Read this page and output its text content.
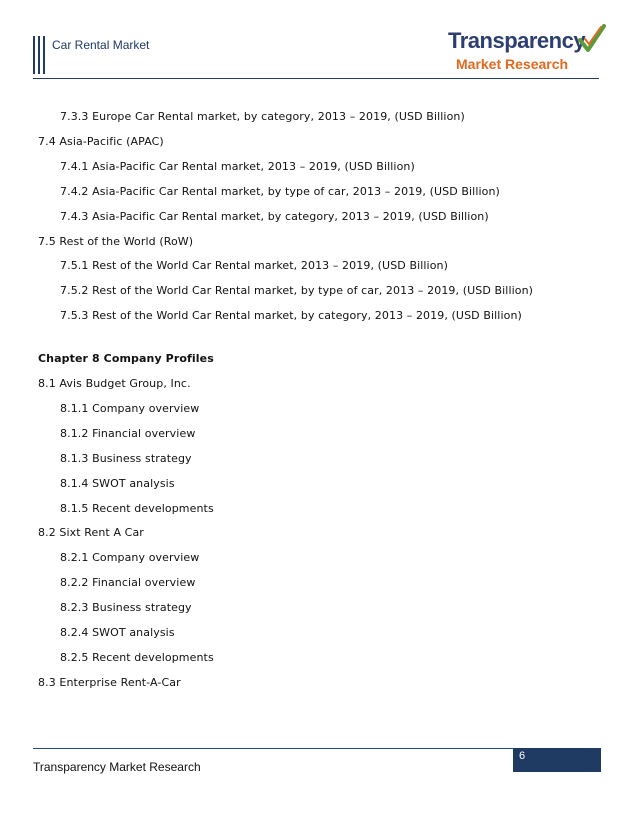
Car Rental Market	Transparency
Market Research
7.3.3 Europe Car Rental market, by category, 2013 – 2019, (USD Billion)
7.4 Asia-Pacific (APAC)
7.4.1 Asia-Pacific Car Rental market, 2013 – 2019, (USD Billion)
7.4.2 Asia-Pacific Car Rental market, by type of car, 2013 – 2019, (USD Billion)
7.4.3 Asia-Pacific Car Rental market, by category, 2013 – 2019, (USD Billion)
7.5 Rest of the World (RoW)
7.5.1 Rest of the World Car Rental market, 2013 – 2019, (USD Billion)
7.5.2 Rest of the World Car Rental market, by type of car, 2013 – 2019, (USD Billion)
7.5.3 Rest of the World Car Rental market, by category, 2013 – 2019, (USD Billion)
Chapter 8 Company Profiles
8.1 Avis Budget Group, Inc.
8.1.1 Company overview
8.1.2 Financial overview
8.1.3 Business strategy
8.1.4 SWOT analysis
8.1.5 Recent developments
8.2 Sixt Rent A Car
8.2.1 Company overview
8.2.2 Financial overview
8.2.3 Business strategy
8.2.4 SWOT analysis
8.2.5 Recent developments
8.3 Enterprise Rent-A-Car
6
Transparency Market Research
